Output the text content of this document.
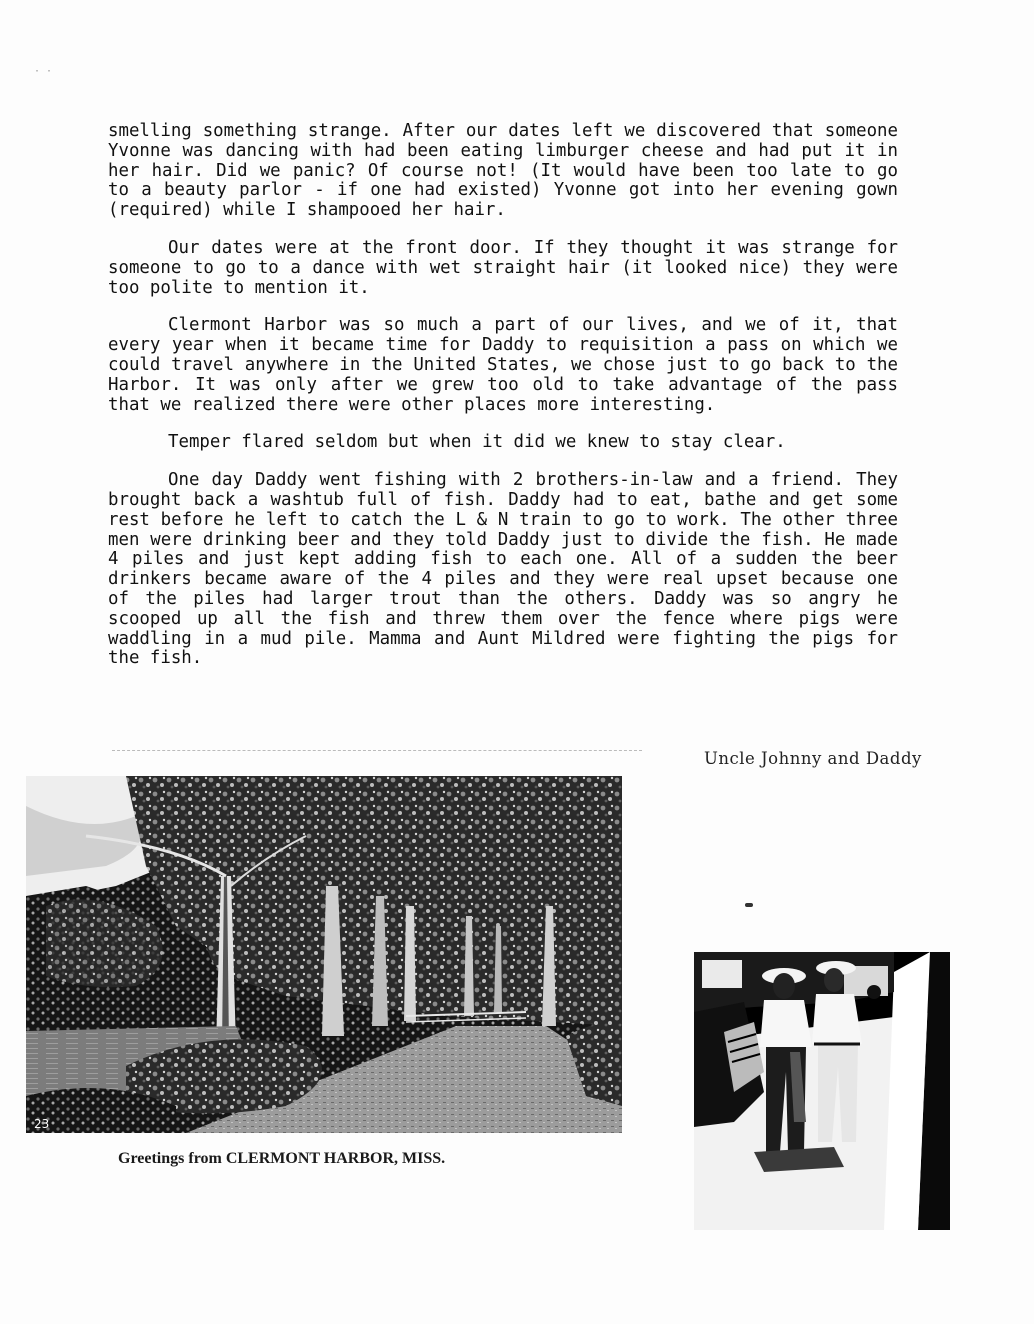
· ·

smelling something strange. After our dates left we discovered that someone Yvonne was dancing with had been eating limburger cheese and had put it in her hair. Did we panic? Of course not! (It would have been too late to go to a beauty parlor - if one had existed) Yvonne got into her evening gown (required) while I shampooed her hair.

Our dates were at the front door. If they thought it was strange for someone to go to a dance with wet straight hair (it looked nice) they were too polite to mention it.

Clermont Harbor was so much a part of our lives, and we of it, that every year when it became time for Daddy to requisition a pass on which we could travel anywhere in the United States, we chose just to go back to the Harbor. It was only after we grew too old to take advantage of the pass that we realized there were other places more interesting.

Temper flared seldom but when it did we knew to stay clear.

One day Daddy went fishing with 2 brothers-in-law and a friend. They brought back a washtub full of fish. Daddy had to eat, bathe and get some rest before he left to catch the L & N train to go to work. The other three men were drinking beer and they told Daddy just to divide the fish. He made 4 piles and just kept adding fish to each one. All of a sudden the beer drinkers became aware of the 4 piles and they were real upset because one of the piles had larger trout than the others. Daddy was so angry he scooped up all the fish and threw them over the fence where pigs were waddling in a mud pile. Mamma and Aunt Mildred were fighting the pigs for the fish.

Uncle Johnny and Daddy
23
Greetings from CLERMONT HARBOR, MISS.
